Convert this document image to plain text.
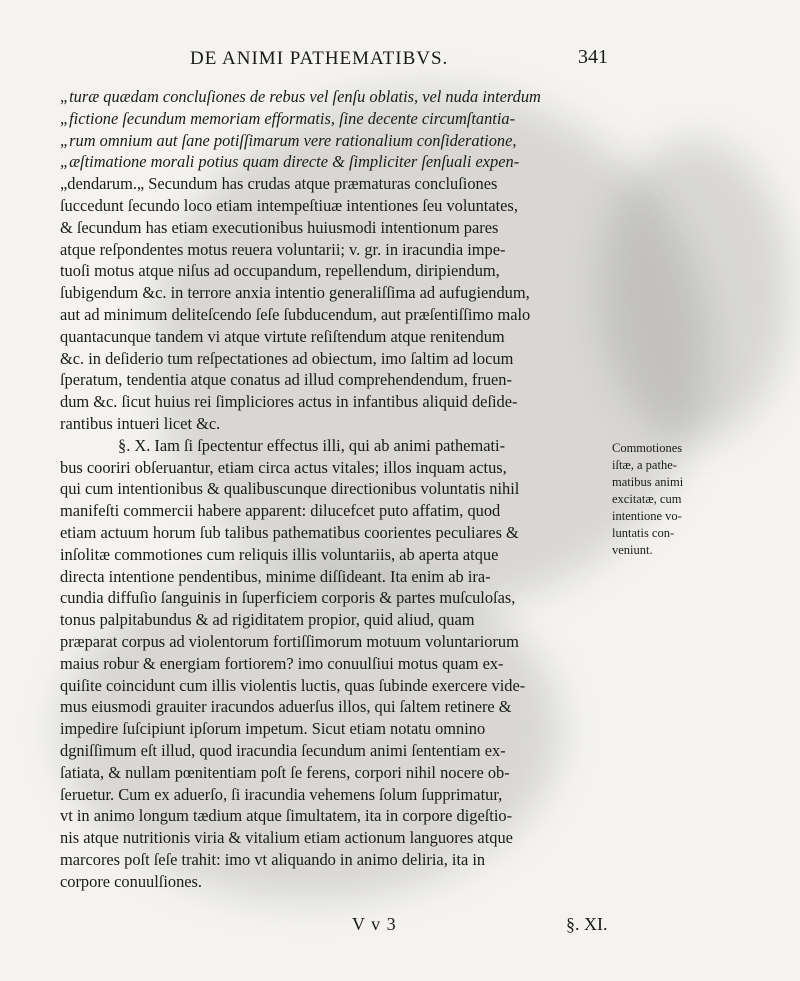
DE ANIMI PATHEMATIBVS.	341
„turæ quædam concluſiones de rebus vel ſenſu oblatis, vel nuda interdum
„fictione ſecundum memoriam efformatis, ſine decente circumſtantia-
„rum omnium aut ſane potiſſimarum vere rationalium conſideratione,
„æſtimatione morali potius quam directe & ſimpliciter ſenſuali expen-
„dendarum.„ Secundum has crudas atque præmaturas concluſiones
ſuccedunt ſecundo loco etiam intempeſtiuæ intentiones ſeu voluntates,
& ſecundum has etiam executionibus huiusmodi intentionum pares
atque reſpondentes motus reuera voluntarii; v. gr. in iracundia impe-
tuoſi motus atque niſus ad occupandum, repellendum, diripiendum,
ſubigendum &c. in terrore anxia intentio generaliſſima ad aufugiendum,
aut ad minimum deliteſcendo ſeſe ſubducendum, aut præſentiſſimo malo
quantacunque tandem vi atque virtute reſiſtendum atque renitendum
&c. in deſiderio tum reſpectationes ad obiectum, imo ſaltim ad locum
ſperatum, tendentia atque conatus ad illud comprehendendum, fruen-
dum &c. ſicut huius rei ſimpliciores actus in infantibus aliquid deſide-
rantibus intueri licet &c.
§. X. Iam ſi ſpectentur effectus illi, qui ab animi pathemati-
bus cooriri obſeruantur, etiam circa actus vitales; illos inquam actus,
qui cum intentionibus & qualibuscunque directionibus voluntatis nihil
manifeſti commercii habere apparent: dilucefcet puto affatim, quod
etiam actuum horum ſub talibus pathematibus coorientes peculiares &
inſolitæ commotiones cum reliquis illis voluntariis, ab aperta atque
directa intentione pendentibus, minime diſſideant. Ita enim ab ira-
cundia diffuſio ſanguinis in ſuperficiem corporis & partes muſculoſas,
tonus palpitabundus & ad rigiditatem propior, quid aliud, quam
præparat corpus ad violentorum fortiſſimorum motuum voluntariorum
maius robur & energiam fortiorem? imo conuulſiui motus quam ex-
quiſite coincidunt cum illis violentis luctis, quas ſubinde exercere vide-
mus eiusmodi grauiter iracundos aduerſus illos, qui ſaltem retinere &
impedire ſuſcipiunt ipſorum impetum. Sicut etiam notatu omnino
dgniſſimum eſt illud, quod iracundia ſecundum animi ſententiam ex-
ſatiata, & nullam pœnitentiam poſt ſe ferens, corpori nihil nocere ob-
ſeruetur. Cum ex aduerſo, ſi iracundia vehemens ſolum ſupprimatur,
vt in animo longum tædium atque ſimultatem, ita in corpore digeſtio-
nis atque nutritionis viria & vitalium etiam actionum languores atque
marcores poſt ſeſe trahit: imo vt aliquando in animo deliria, ita in
corpore conuulſiones.
Commotiones
iſtæ, a pathe-
matibus animi
excitatæ, cum
intentione vo-
luntatis con-
veniunt.
V v 3	§. XI.
